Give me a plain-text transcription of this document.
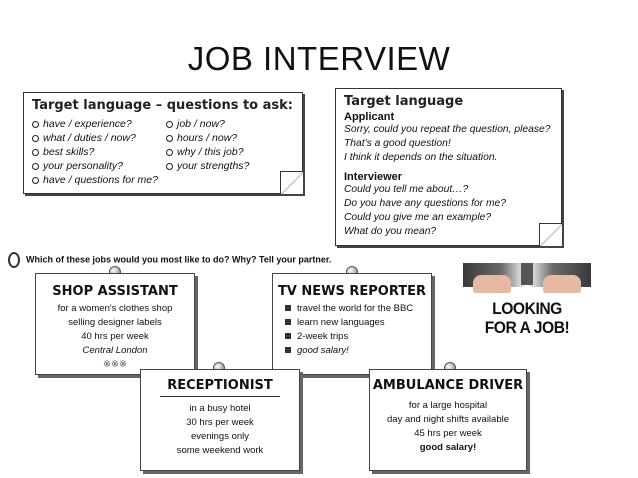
JOB INTERVIEW
Target language – questions to ask:
have / experience?
what / duties / now?
best skills?
your personality?
have / questions for me?
job / now?
hours / now?
why / this job?
your strengths?
Target language
Applicant
Sorry, could you repeat the question, please?
That's a good question!
I think it depends on the situation.
Interviewer
Could you tell me about…?
Do you have any questions for me?
Could you give me an example?
What do you mean?
Which of these jobs would you most like to do? Why? Tell your partner.
SHOP ASSISTANT
for a women's clothes shop
selling designer labels
40 hrs per week
Central London
※※※
TV NEWS REPORTER
travel the world for the BBC
learn new languages
2-week trips
good salary!
LOOKING
FOR A JOB!
RECEPTIONIST
in a busy hotel
30 hrs per week
evenings only
some weekend work
AMBULANCE DRIVER
for a large hospital
day and night shifts available
45 hrs per week
good salary!
